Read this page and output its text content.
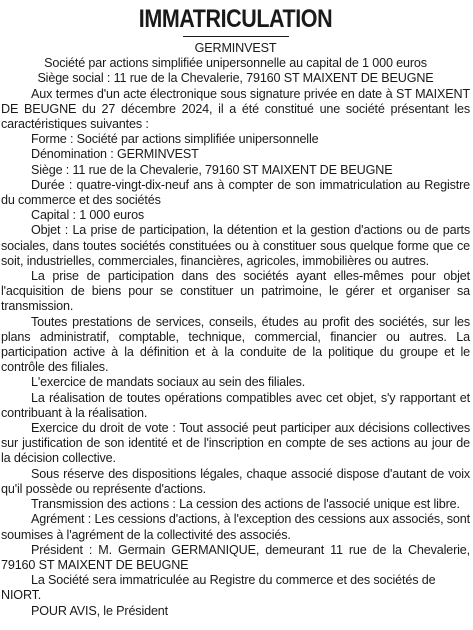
IMMATRICULATION

GERMINVEST

Société par actions simplifiée unipersonnelle au capital de 1 000 euros

Siège social : 11 rue de la Chevalerie, 79160 ST MAIXENT DE BEUGNE

Aux termes d'un acte électronique sous signature privée en date à ST MAIXENT DE BEUGNE du 27 décembre 2024, il a été constitué une société présentant les caractéristiques suivantes :

Forme : Société par actions simplifiée unipersonnelle

Dénomination : GERMINVEST

Siège : 11 rue de la Chevalerie, 79160 ST MAIXENT DE BEUGNE

Durée : quatre-vingt-dix-neuf ans à compter de son immatriculation au Registre du commerce et des sociétés

Capital : 1 000 euros

Objet : La prise de participation, la détention et la gestion d'actions ou de parts sociales, dans toutes sociétés constituées ou à constituer sous quelque forme que ce soit, industrielles, commerciales, financières, agricoles, immobilières ou autres.

La prise de participation dans des sociétés ayant elles-mêmes pour objet l'acquisition de biens pour se constituer un patrimoine, le gérer et organiser sa transmission.

Toutes prestations de services, conseils, études au profit des sociétés, sur les plans administratif, comptable, technique, commercial, financier ou autres. La participation active à la définition et à la conduite de la politique du groupe et le contrôle des filiales.

L'exercice de mandats sociaux au sein des filiales.

La réalisation de toutes opérations compatibles avec cet objet, s'y rapportant et contribuant à la réalisation.

Exercice du droit de vote : Tout associé peut participer aux décisions collectives sur justification de son identité et de l'inscription en compte de ses actions au jour de la décision collective.

Sous réserve des dispositions légales, chaque associé dispose d'autant de voix qu'il possède ou représente d'actions.

Transmission des actions : La cession des actions de l'associé unique est libre.

Agrément : Les cessions d'actions, à l'exception des cessions aux associés, sont soumises à l'agrément de la collectivité des associés.

Président : M. Germain GERMANIQUE, demeurant 11 rue de la Chevalerie, 79160 ST MAIXENT DE BEUGNE

La Société sera immatriculée au Registre du commerce et des sociétés de NIORT.

POUR AVIS, le Président
